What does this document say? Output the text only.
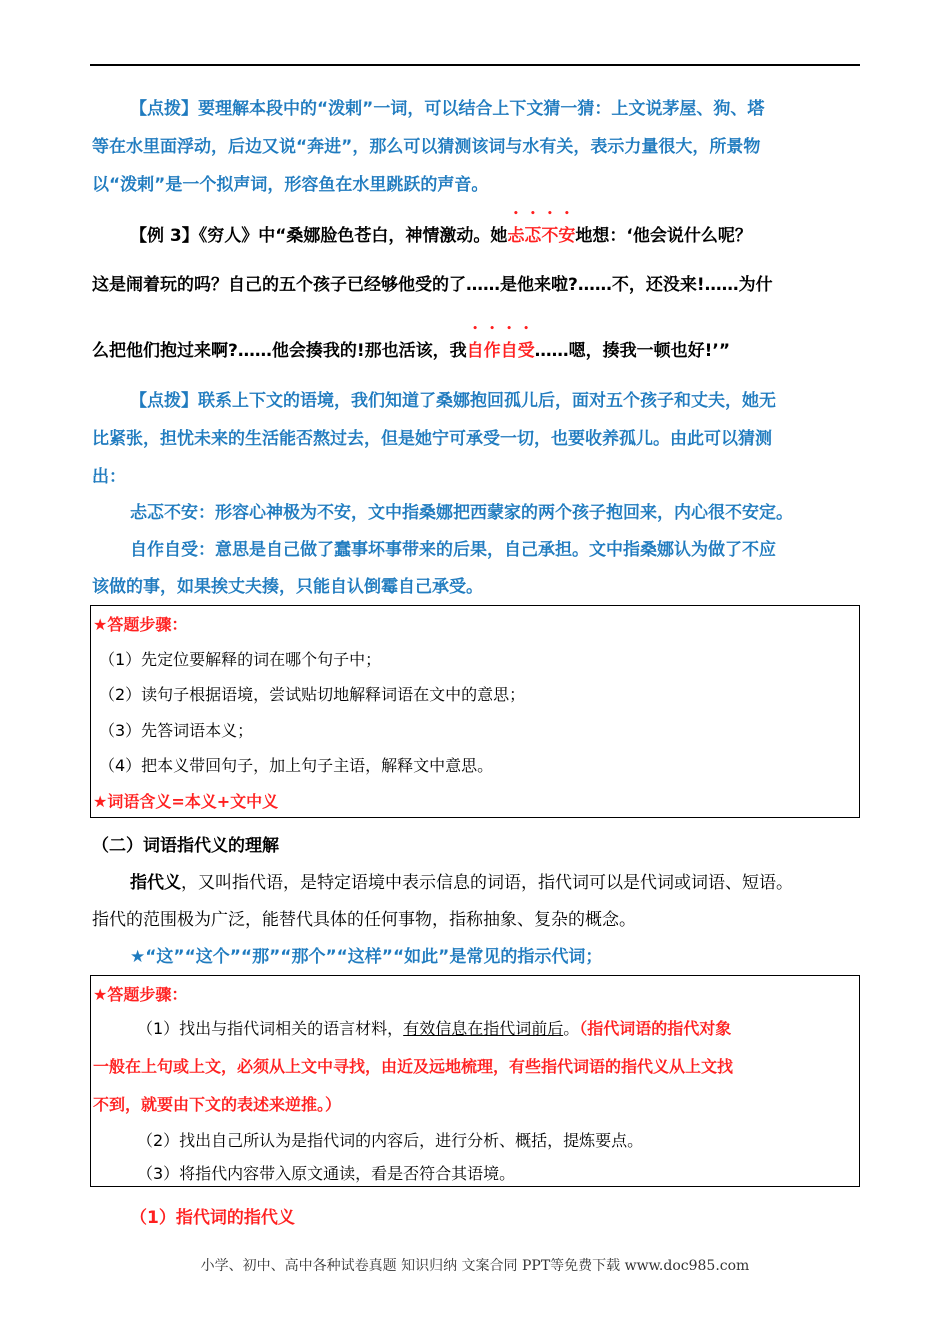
【点拨】要理解本段中的“泼剌”一词，可以结合上下文猜一猜：上文说茅屋、狗、塔
等在水里面浮动，后边又说“奔进”，那么可以猜测该词与水有关，表示力量很大，所景物
以“泼剌”是一个拟声词，形容鱼在水里跳跃的声音。
【例 3】《穷人》中“桑娜脸色苍白，神情激动。她忐忑不安地想：‘他会说什么呢？
这是闹着玩的吗？自己的五个孩子已经够他受的了……是他来啦?……不，还没来!……为什
么把他们抱过来啊?……他会揍我的!那也活该，我自作自受……嗯，揍我一顿也好!’”
【点拨】联系上下文的语境，我们知道了桑娜抱回孤儿后，面对五个孩子和丈夫，她无
比紧张，担忧未来的生活能否熬过去，但是她宁可承受一切，也要收养孤儿。由此可以猜测
出：
忐忑不安：形容心神极为不安，文中指桑娜把西蒙家的两个孩子抱回来，内心很不安定。
自作自受：意思是自己做了蠢事坏事带来的后果，自己承担。文中指桑娜认为做了不应
该做的事，如果挨丈夫揍，只能自认倒霉自己承受。
★答题步骤：
（1）先定位要解释的词在哪个句子中；
（2）读句子根据语境，尝试贴切地解释词语在文中的意思；
（3）先答词语本义；
（4）把本义带回句子，加上句子主语，解释文中意思。
★词语含义=本义+文中义
（二）词语指代义的理解
指代义，又叫指代语，是特定语境中表示信息的词语，指代词可以是代词或词语、短语。
指代的范围极为广泛，能替代具体的任何事物，指称抽象、复杂的概念。
★“这”“这个”“那”“那个”“这样”“如此”是常见的指示代词；
★答题步骤：
（1）找出与指代词相关的语言材料，有效信息在指代词前后。（指代词语的指代对象
一般在上句或上文，必须从上文中寻找，由近及远地梳理，有些指代词语的指代义从上文找
不到，就要由下文的表述来逆推。）
（2）找出自己所认为是指代词的内容后，进行分析、概括，提炼要点。
（3）将指代内容带入原文通读，看是否符合其语境。
（1）指代词的指代义
小学、初中、高中各种试卷真题 知识归纳 文案合同 PPT等免费下载 www.doc985.com
